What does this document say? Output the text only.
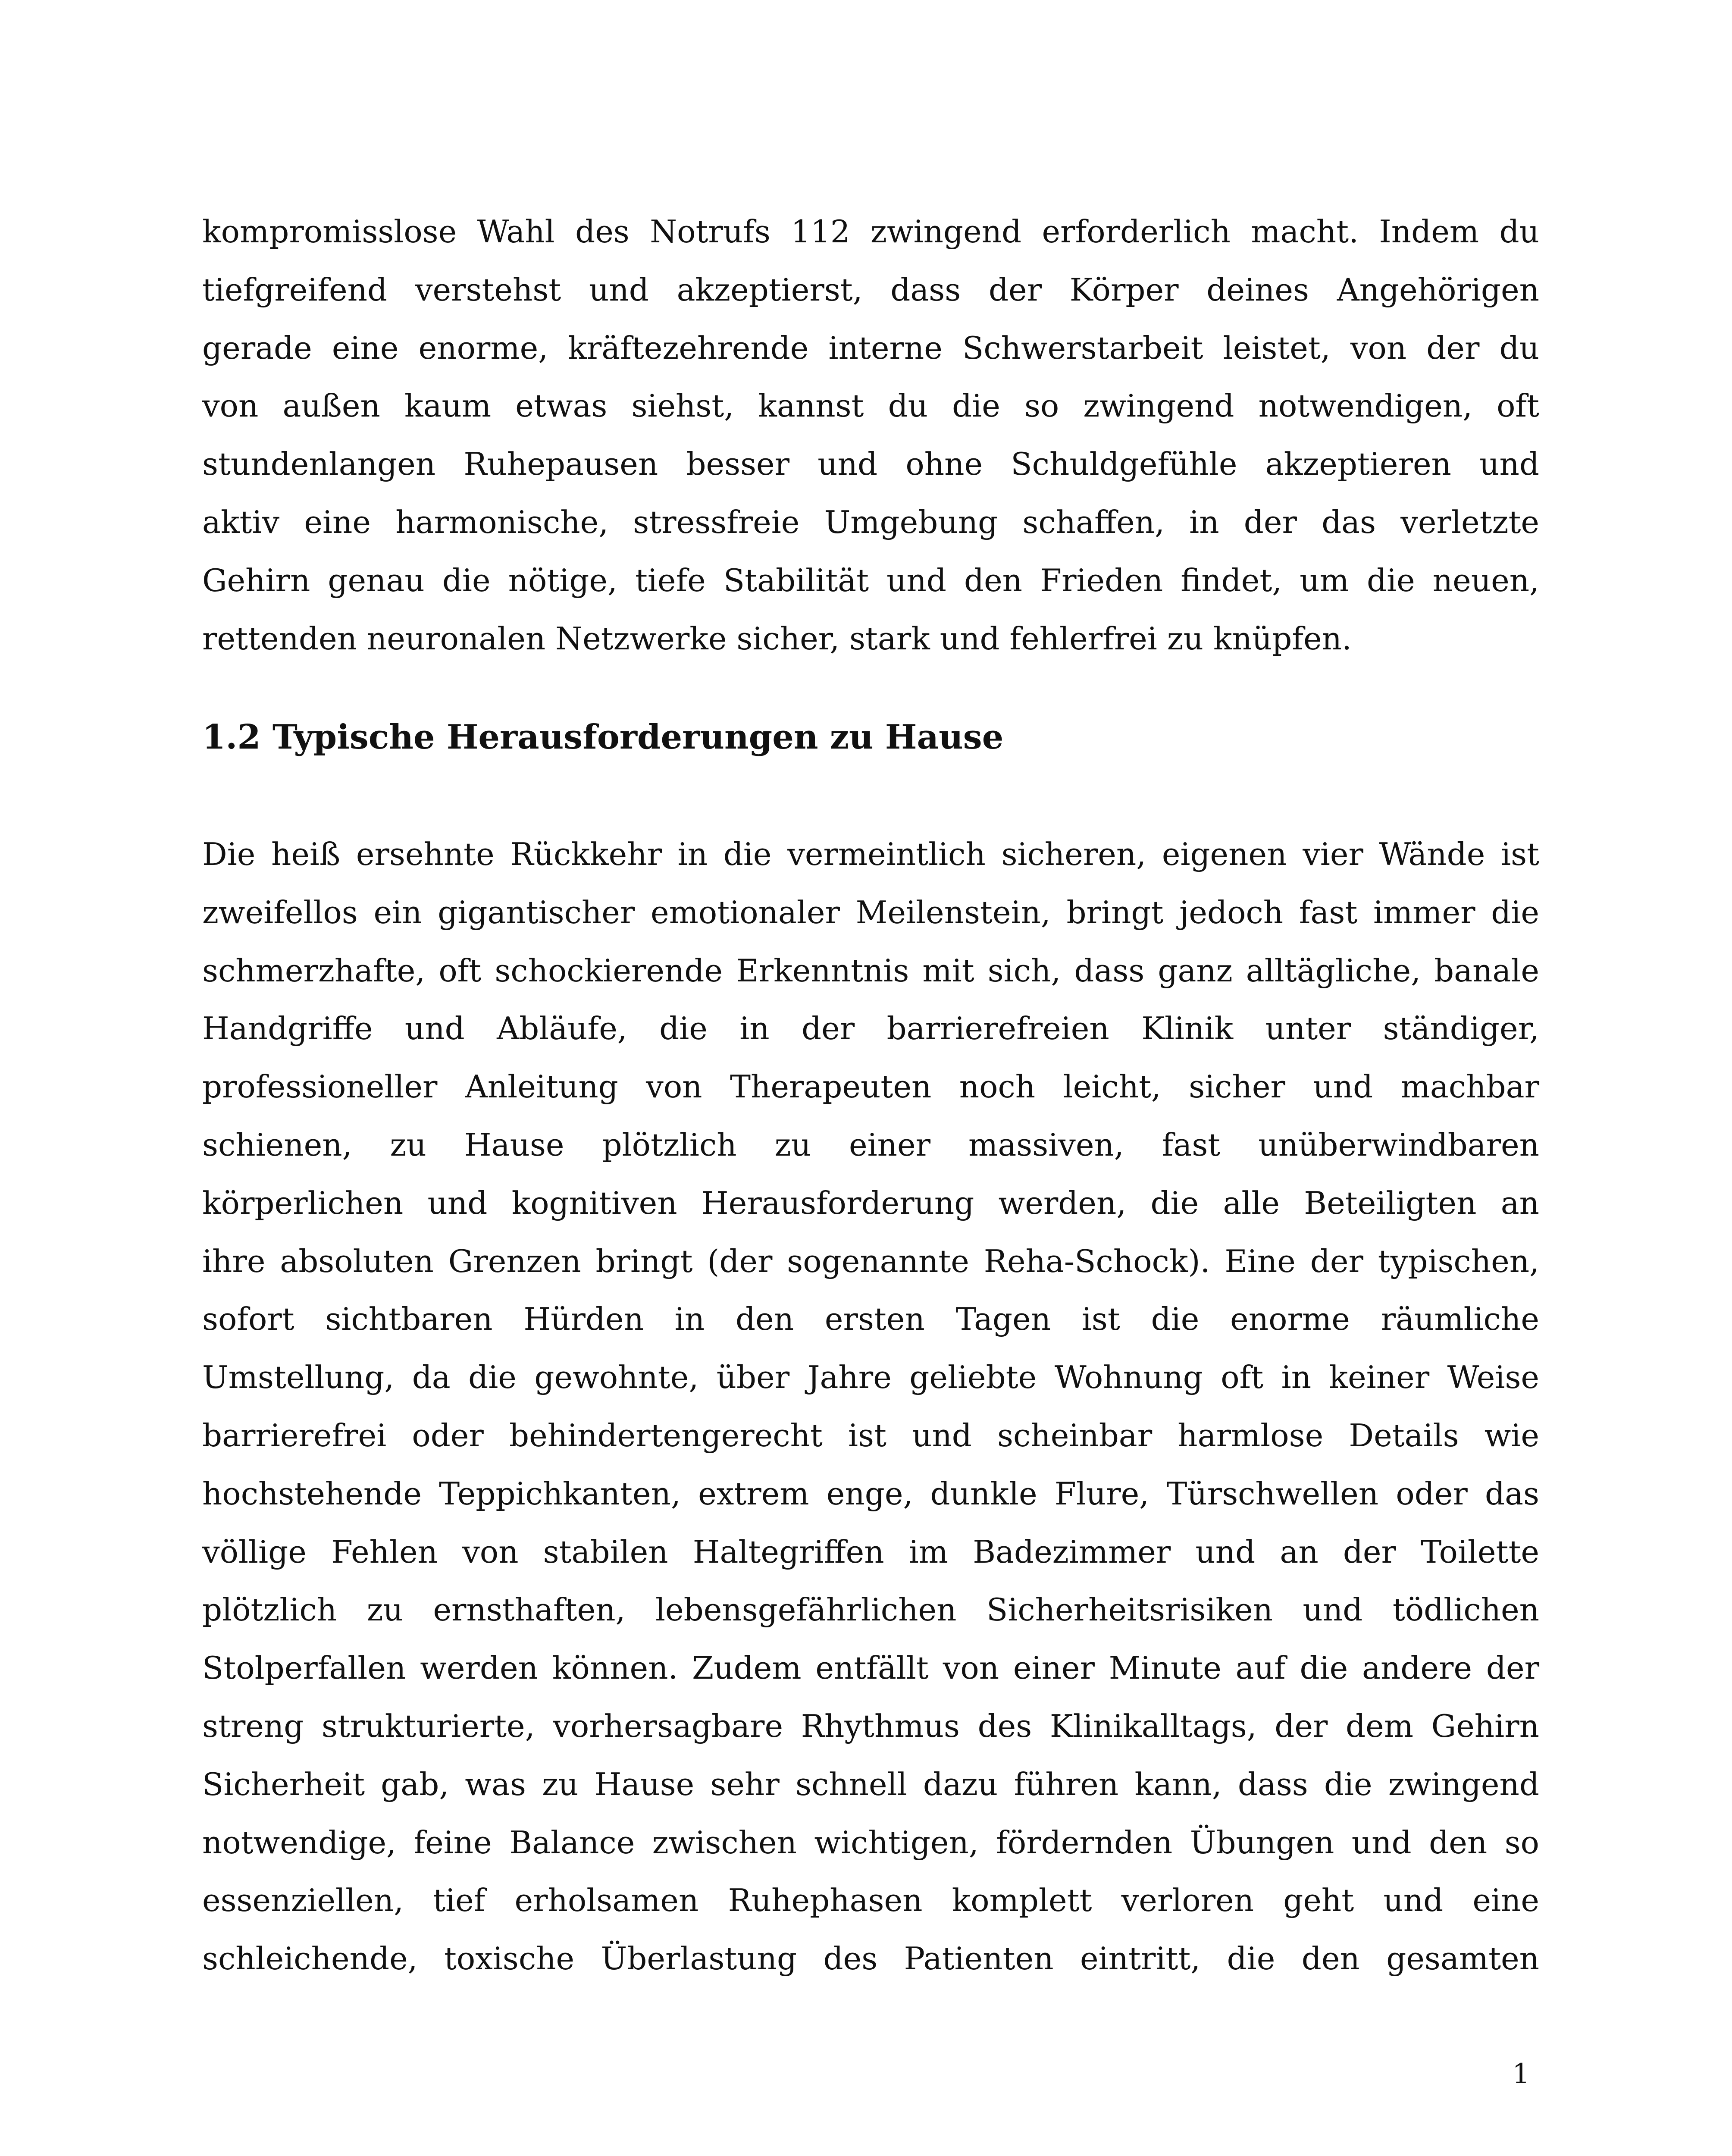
kompromisslose Wahl des Notrufs 112 zwingend erforderlich macht. Indem du
tiefgreifend verstehst und akzeptierst, dass der Körper deines Angehörigen
gerade eine enorme, kräftezehrende interne Schwerstarbeit leistet, von der du
von außen kaum etwas siehst, kannst du die so zwingend notwendigen, oft
stundenlangen Ruhepausen besser und ohne Schuldgefühle akzeptieren und
aktiv eine harmonische, stressfreie Umgebung schaffen, in der das verletzte
Gehirn genau die nötige, tiefe Stabilität und den Frieden findet, um die neuen,
rettenden neuronalen Netzwerke sicher, stark und fehlerfrei zu knüpfen.

1.2 Typische Herausforderungen zu Hause

Die heiß ersehnte Rückkehr in die vermeintlich sicheren, eigenen vier Wände ist
zweifellos ein gigantischer emotionaler Meilenstein, bringt jedoch fast immer die
schmerzhafte, oft schockierende Erkenntnis mit sich, dass ganz alltägliche, banale
Handgriffe und Abläufe, die in der barrierefreien Klinik unter ständiger,
professioneller Anleitung von Therapeuten noch leicht, sicher und machbar
schienen, zu Hause plötzlich zu einer massiven, fast unüberwindbaren
körperlichen und kognitiven Herausforderung werden, die alle Beteiligten an
ihre absoluten Grenzen bringt (der sogenannte Reha-Schock). Eine der typischen,
sofort sichtbaren Hürden in den ersten Tagen ist die enorme räumliche
Umstellung, da die gewohnte, über Jahre geliebte Wohnung oft in keiner Weise
barrierefrei oder behindertengerecht ist und scheinbar harmlose Details wie
hochstehende Teppichkanten, extrem enge, dunkle Flure, Türschwellen oder das
völlige Fehlen von stabilen Haltegriffen im Badezimmer und an der Toilette
plötzlich zu ernsthaften, lebensgefährlichen Sicherheitsrisiken und tödlichen
Stolperfallen werden können. Zudem entfällt von einer Minute auf die andere der
streng strukturierte, vorhersagbare Rhythmus des Klinikalltags, der dem Gehirn
Sicherheit gab, was zu Hause sehr schnell dazu führen kann, dass die zwingend
notwendige, feine Balance zwischen wichtigen, fördernden Übungen und den so
essenziellen, tief erholsamen Ruhephasen komplett verloren geht und eine
schleichende, toxische Überlastung des Patienten eintritt, die den gesamten

1
